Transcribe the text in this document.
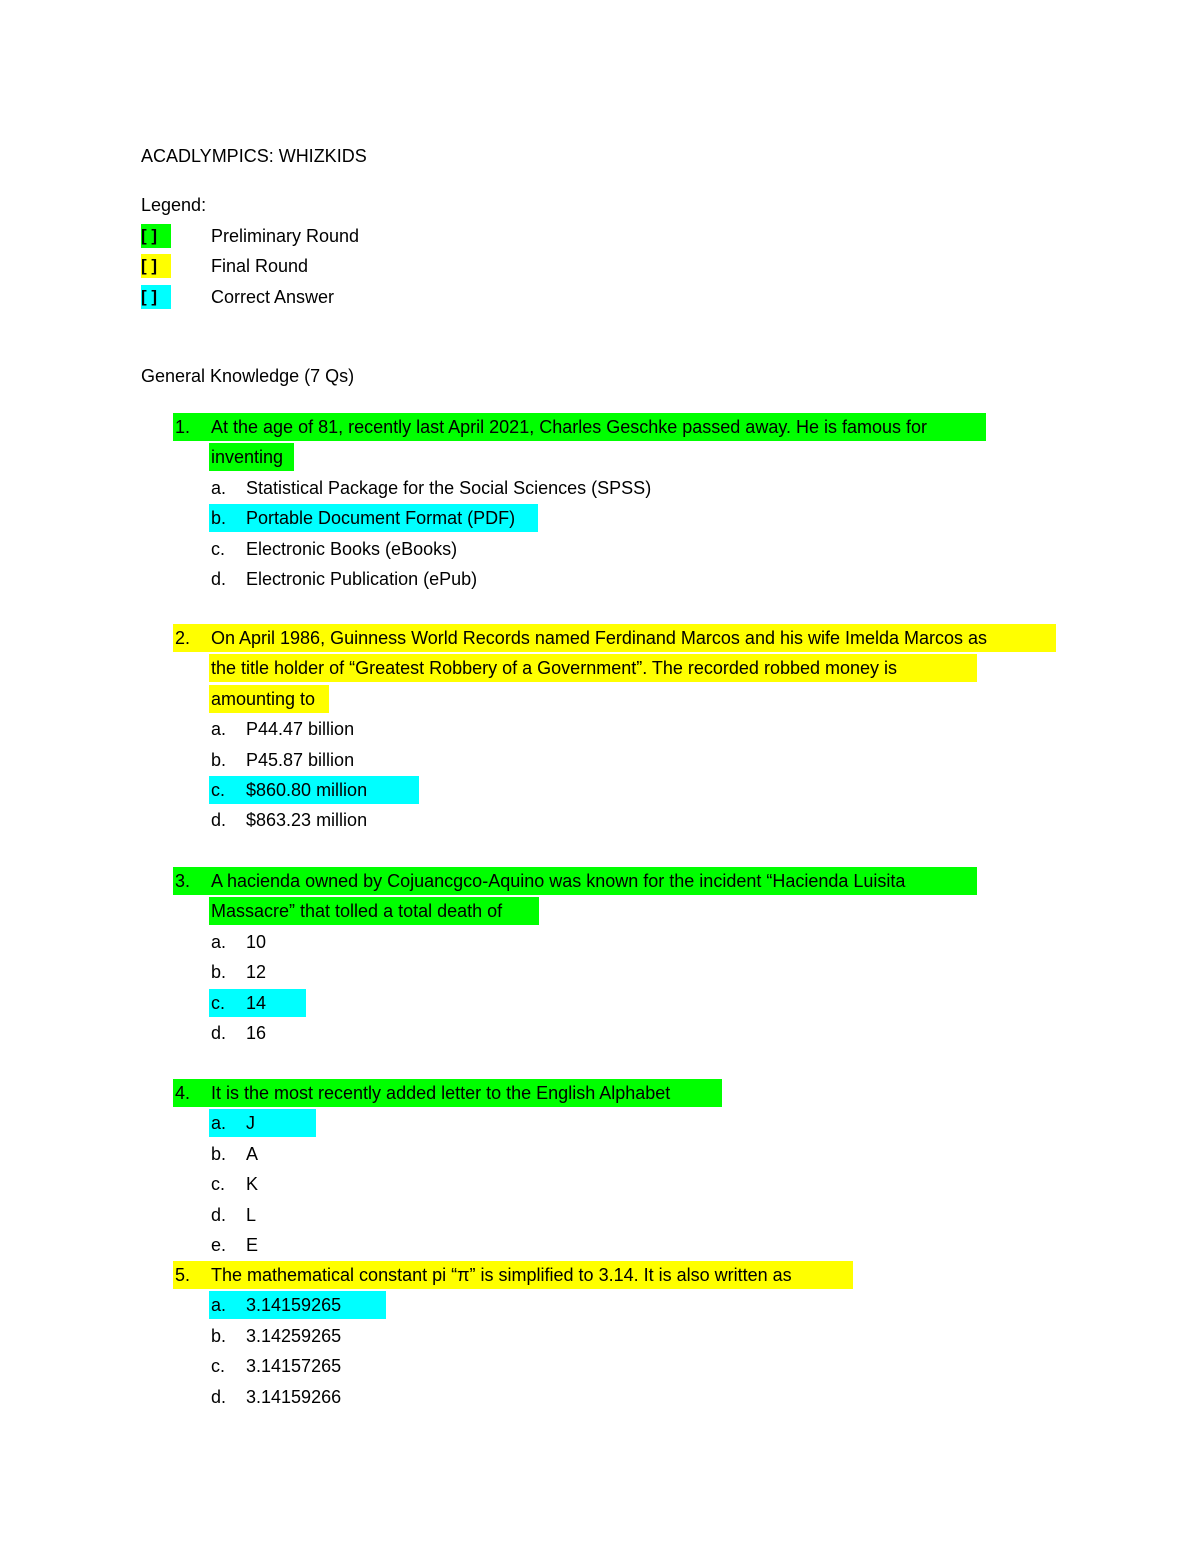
ACADLYMPICS: WHIZKIDS
Legend:
[ ]	Preliminary Round
[ ]	Final Round
[ ]	Correct Answer
General Knowledge (7 Qs)
1. At the age of 81, recently last April 2021, Charles Geschke passed away. He is famous for
inventing
a. Statistical Package for the Social Sciences (SPSS)
b. Portable Document Format (PDF)
c. Electronic Books (eBooks)
d. Electronic Publication (ePub)
2. On April 1986, Guinness World Records named Ferdinand Marcos and his wife Imelda Marcos as
the title holder of “Greatest Robbery of a Government”. The recorded robbed money is
amounting to
a. P44.47 billion
b. P45.87 billion
c. $860.80 million
d. $863.23 million
3. A hacienda owned by Cojuancgco-Aquino was known for the incident “Hacienda Luisita
Massacre” that tolled a total death of
a. 10
b. 12
c. 14
d. 16
4. It is the most recently added letter to the English Alphabet
a. J
b. A
c. K
d. L
e. E
5. The mathematical constant pi “π” is simplified to 3.14. It is also written as
a. 3.14159265
b. 3.14259265
c. 3.14157265
d. 3.14159266
